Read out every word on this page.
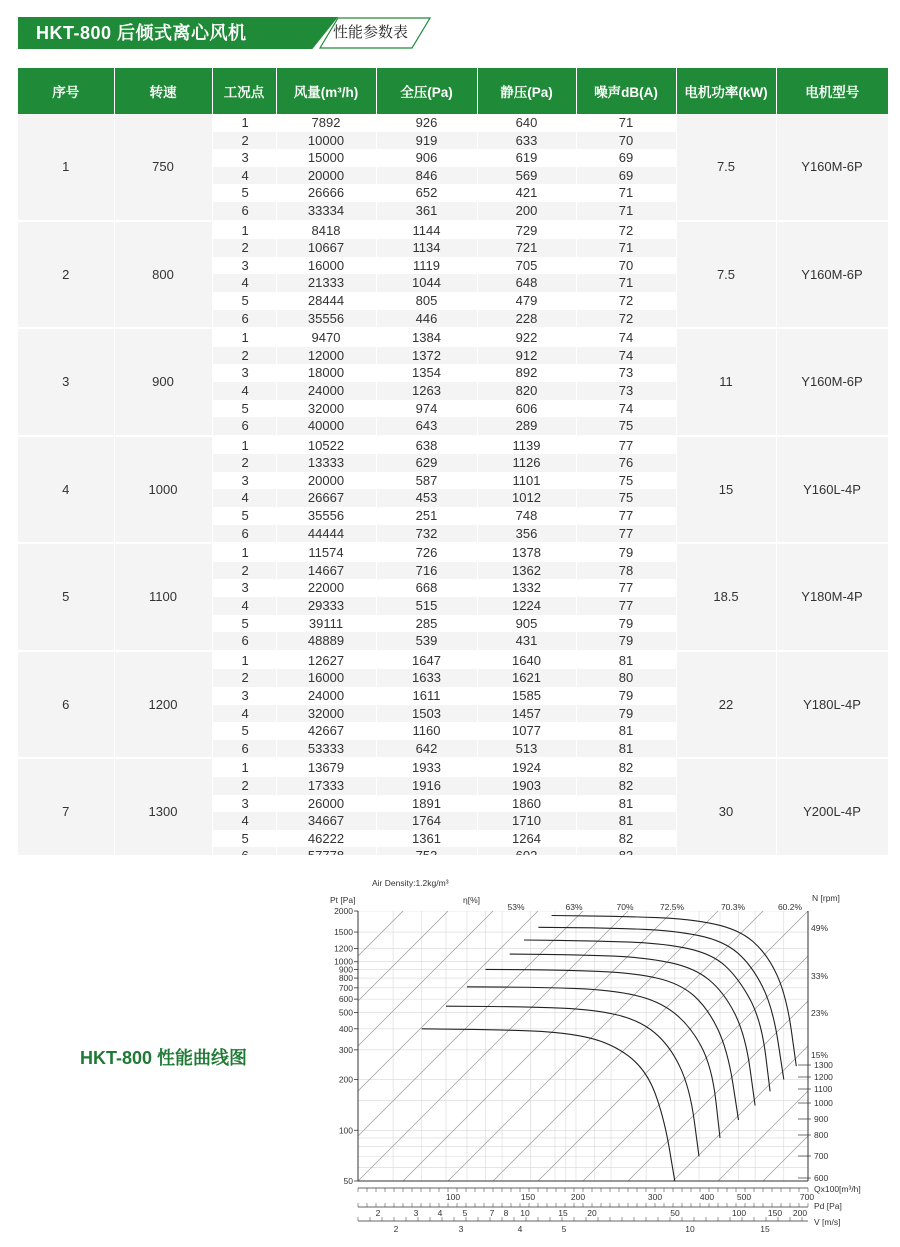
HKT-800 后倾式离心风机	性能参数表
序号	转速	工况点	风量(m³/h)	全压(Pa)	静压(Pa)	噪声dB(A)	电机功率(kW)	电机型号
1	750	1	7892	926	640	71	7.5	Y160M-6P
		2	10000	919	633	70		
		3	15000	906	619	69		
		4	20000	846	569	69		
		5	26666	652	421	71		
		6	33334	361	200	71		
2	800	1	8418	1144	729	72	7.5	Y160M-6P
		2	10667	1134	721	71		
		3	16000	1119	705	70		
		4	21333	1044	648	71		
		5	28444	805	479	72		
		6	35556	446	228	72		
3	900	1	9470	1384	922	74	11	Y160M-6P
		2	12000	1372	912	74		
		3	18000	1354	892	73		
		4	24000	1263	820	73		
		5	32000	974	606	74		
		6	40000	643	289	75		
4	1000	1	10522	638	1139	77	15	Y160L-4P
		2	13333	629	1126	76		
		3	20000	587	1101	75		
		4	26667	453	1012	75		
		5	35556	251	748	77		
		6	44444	732	356	77		
5	1100	1	11574	726	1378	79	18.5	Y180M-4P
		2	14667	716	1362	78		
		3	22000	668	1332	77		
		4	29333	515	1224	77		
		5	39111	285	905	79		
		6	48889	539	431	79		
6	1200	1	12627	1647	1640	81	22	Y180L-4P
		2	16000	1633	1621	80		
		3	24000	1611	1585	79		
		4	32000	1503	1457	79		
		5	42667	1160	1077	81		
		6	53333	642	513	81		
7	1300	1	13679	1933	1924	82	30	Y200L-4P
		2	17333	1916	1903	82		
		3	26000	1891	1860	81		
		4	34667	1764	1710	81		
		5	46222	1361	1264	82		

HKT-800 性能曲线图
2000
1500
1200
1000
900
800
700
600
500
400
300
200
100
50
Pt [Pa]
Air Density:1.2kg/m³
η[%]	N [rpm]
53%	63%	70%	72.5%	70.3%	60.2%
49%
33%
23%
15%
1300
1200
1100
1000
900
800
700
600
100	150	200	300	400	500	700
Qx100[m³/h]
2	3 4 5	7 8 10	15 20	50	100	150 200
Pd [Pa]
2	3	4	5	10	15
V [m/s]
